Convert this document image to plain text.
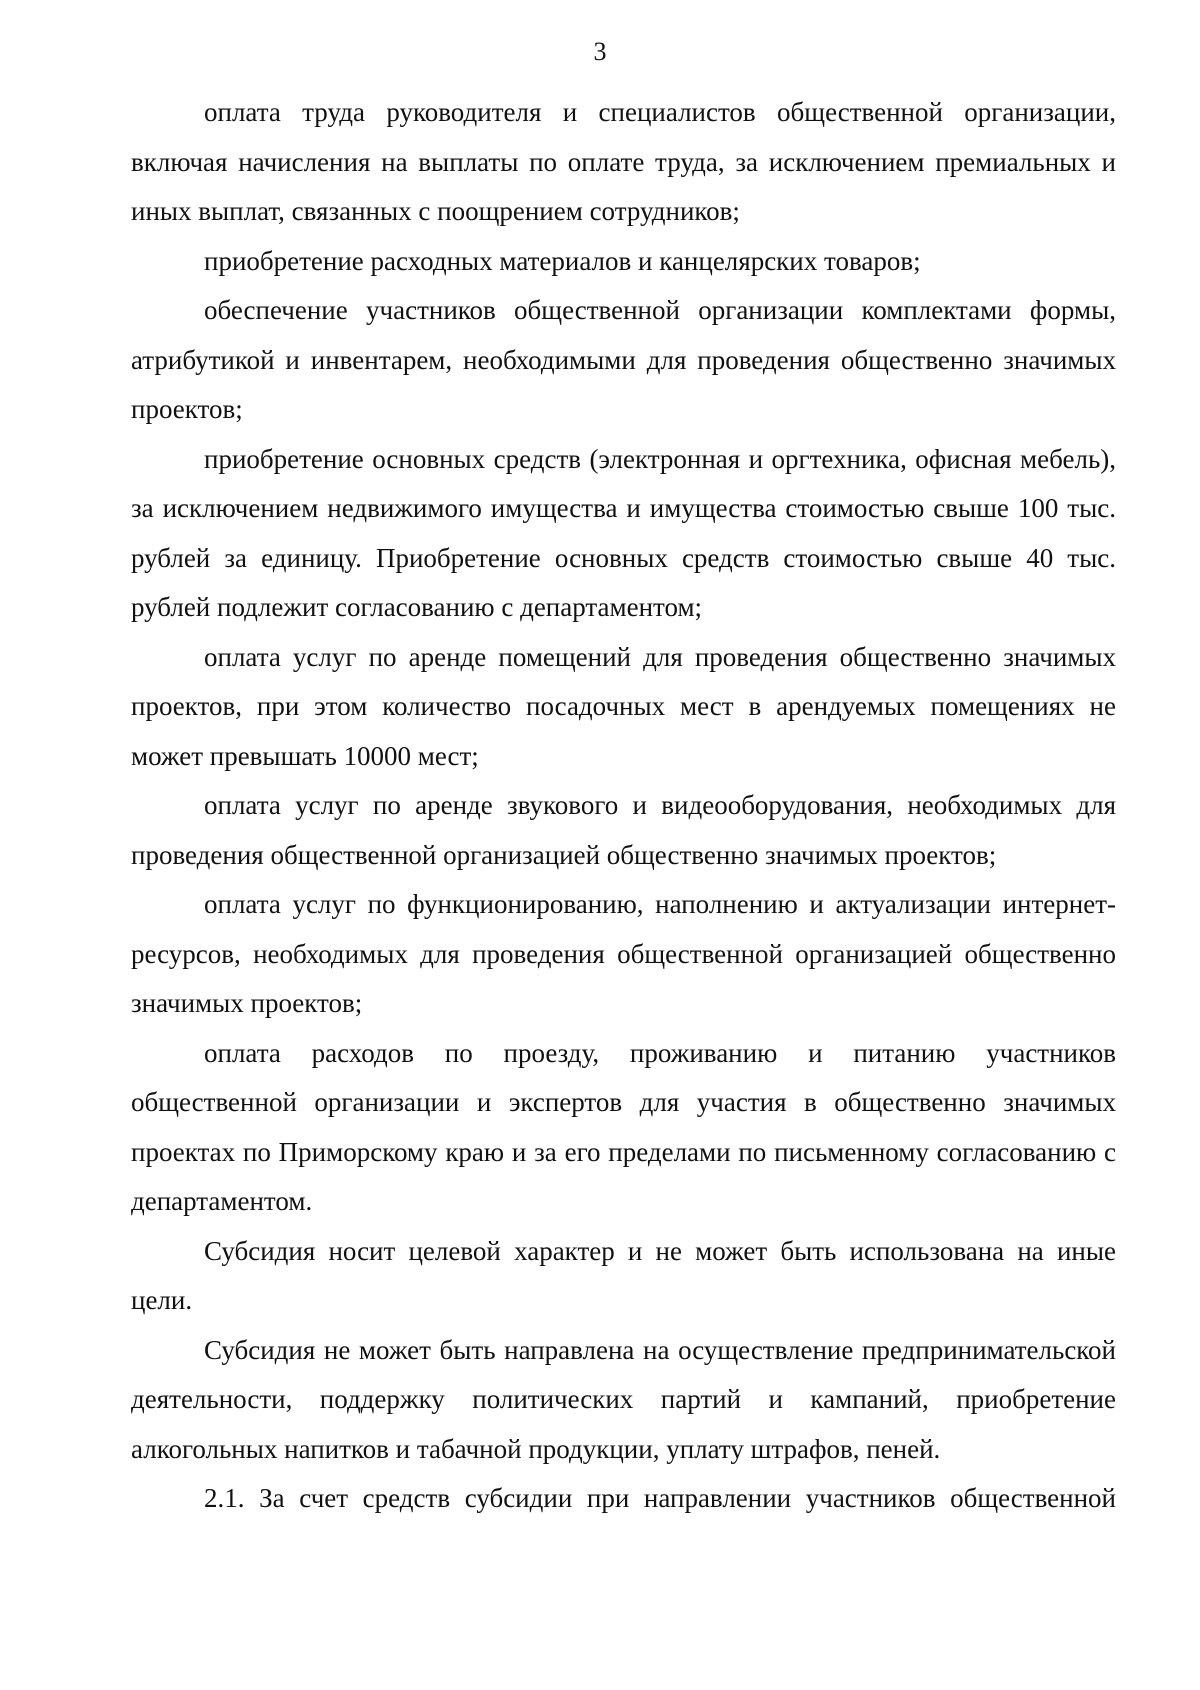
3

оплата труда руководителя и специалистов общественной организации, включая начисления на выплаты по оплате труда, за исключением премиальных и иных выплат, связанных с поощрением сотрудников;

приобретение расходных материалов и канцелярских товаров;

обеспечение участников общественной организации комплектами формы, атрибутикой и инвентарем, необходимыми для проведения общественно значимых проектов;

приобретение основных средств (электронная и оргтехника, офисная мебель), за исключением недвижимого имущества и имущества стоимостью свыше 100 тыс. рублей за единицу. Приобретение основных средств стоимостью свыше 40 тыс. рублей подлежит согласованию с департаментом;

оплата услуг по аренде помещений для проведения общественно значимых проектов, при этом количество посадочных мест в арендуемых помещениях не может превышать 10000 мест;

оплата услуг по аренде звукового и видеооборудования, необходимых для проведения общественной организацией общественно значимых проектов;

оплата услуг по функционированию, наполнению и актуализации интернет-ресурсов, необходимых для проведения общественной организацией общественно значимых проектов;

оплата расходов по проезду, проживанию и питанию участников общественной организации и экспертов для участия в общественно значимых проектах по Приморскому краю и за его пределами по письменному согласованию с департаментом.

Субсидия носит целевой характер и не может быть использована на иные цели.

Субсидия не может быть направлена на осуществление предпринимательской деятельности, поддержку политических партий и кампаний, приобретение алкогольных напитков и табачной продукции, уплату штрафов, пеней.

2.1. За счет средств субсидии при направлении участников общественной
